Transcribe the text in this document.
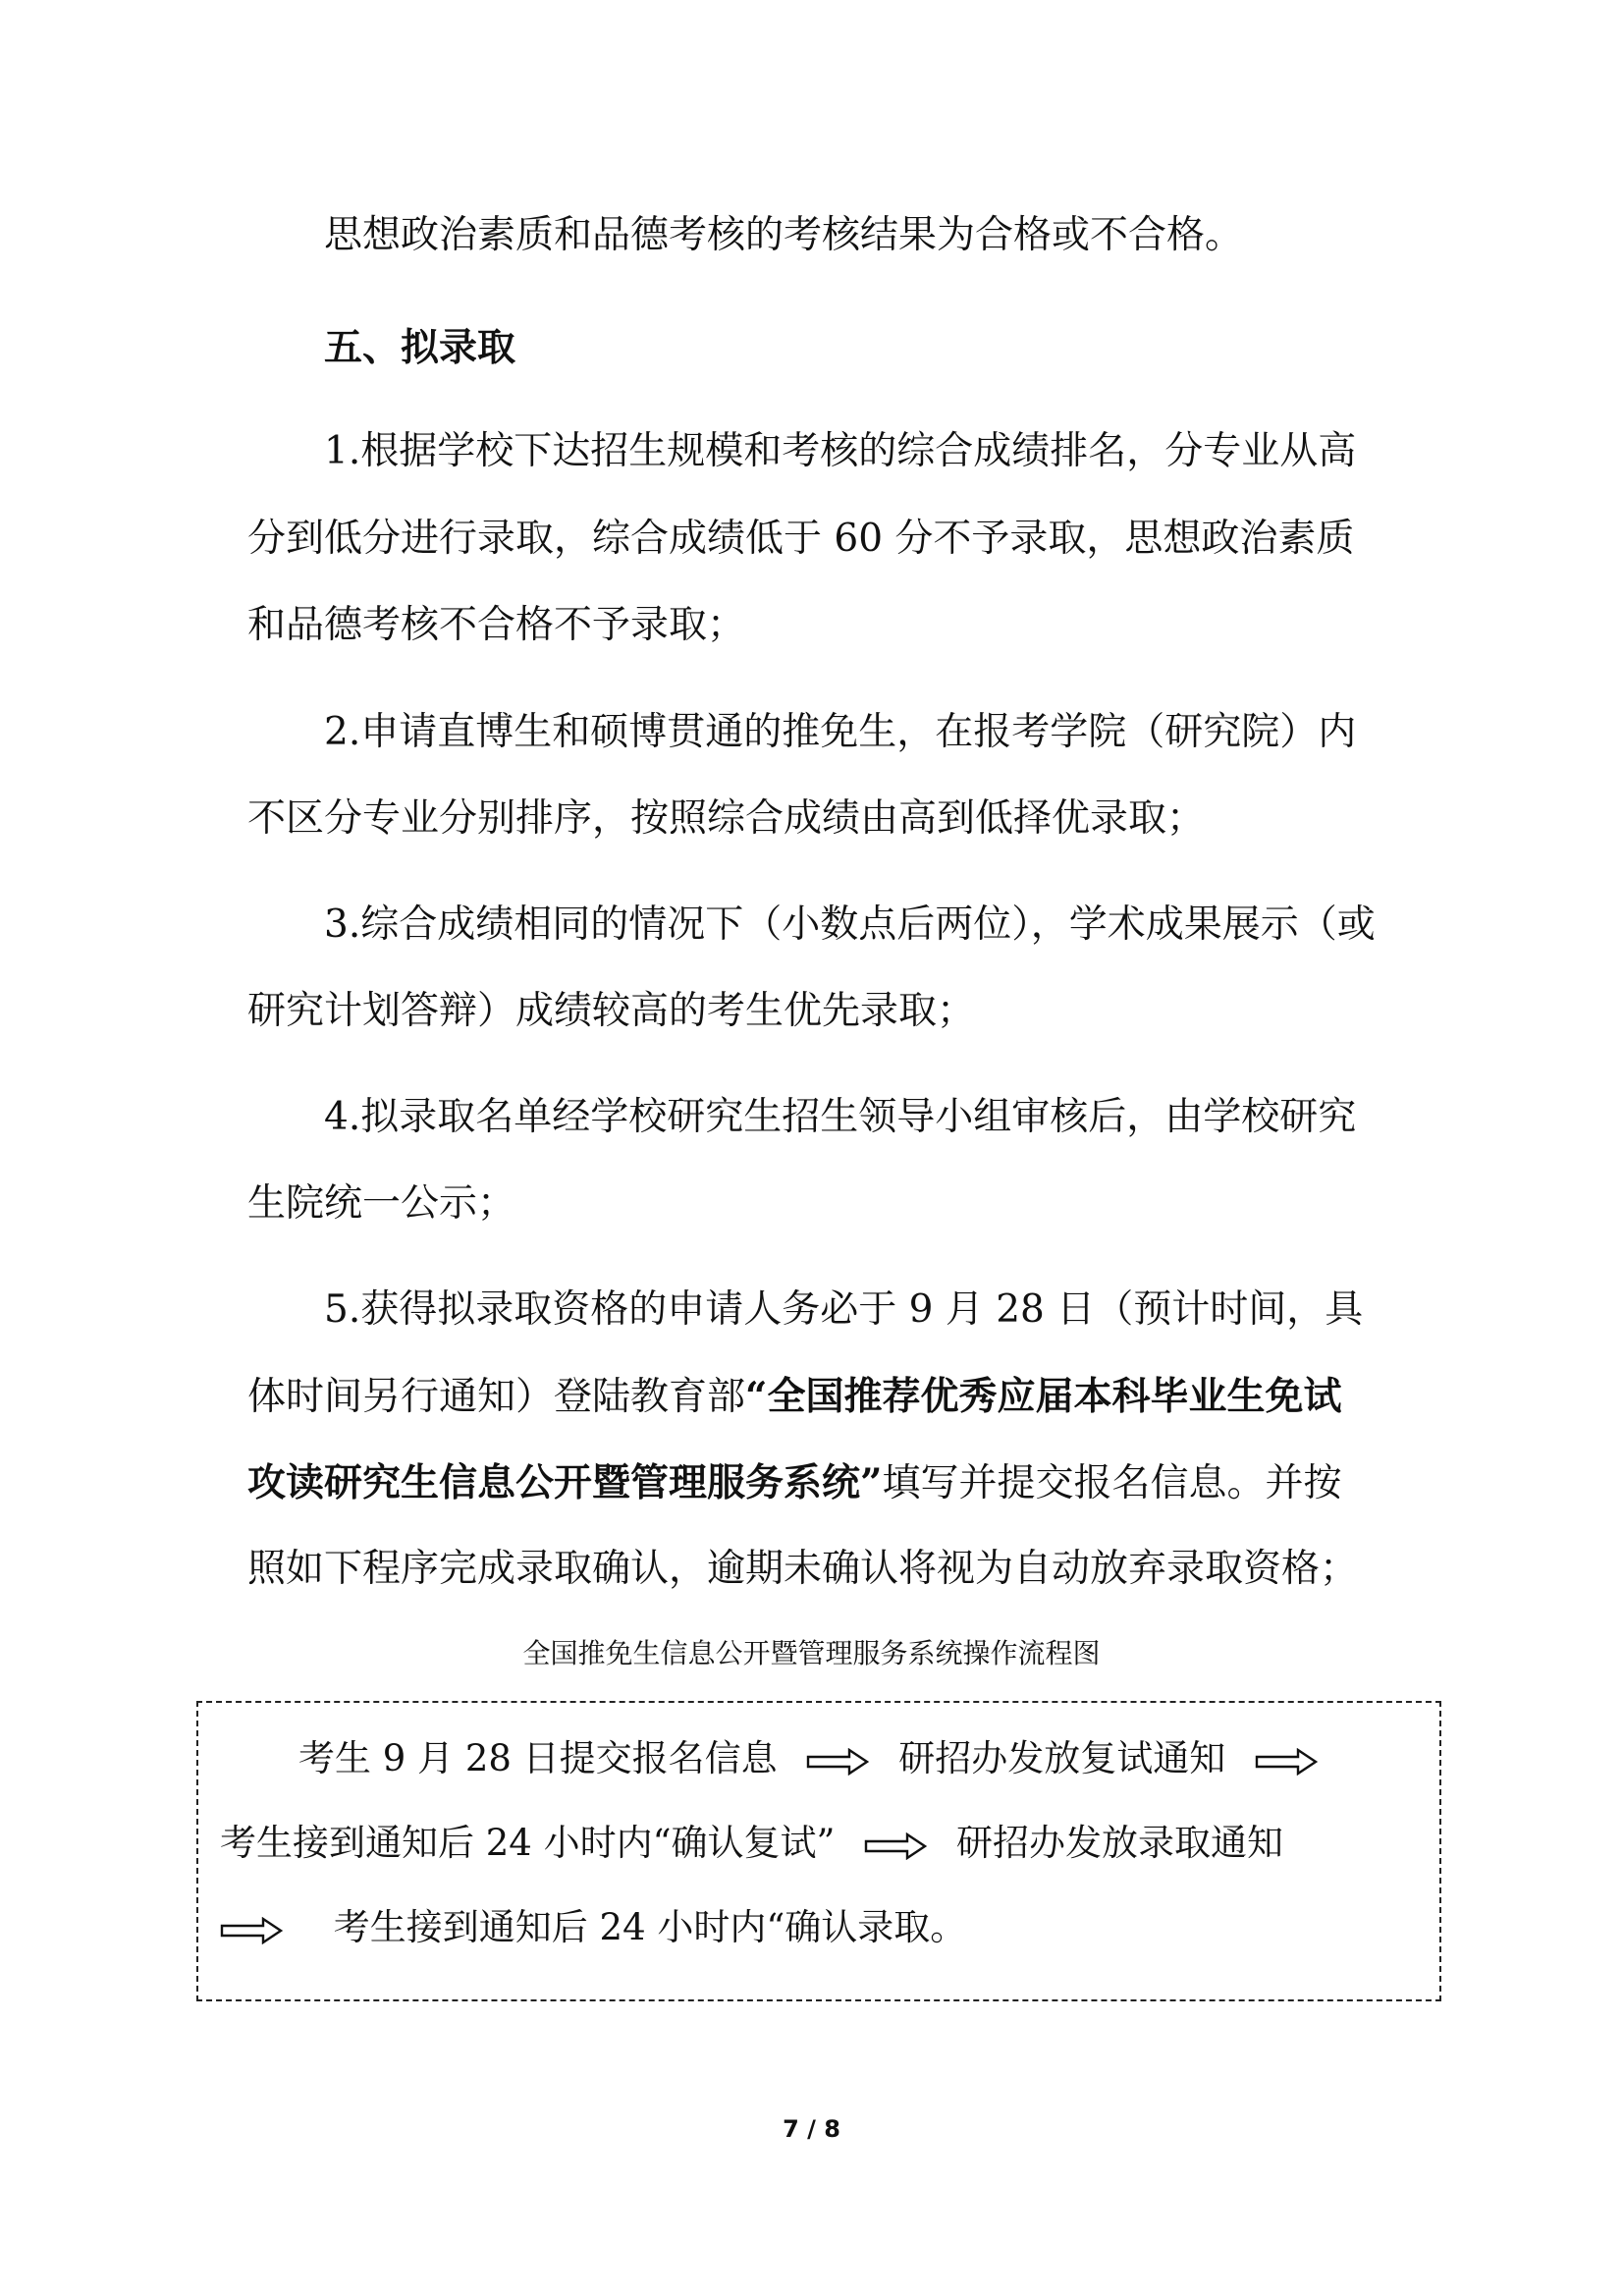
思想政治素质和品德考核的考核结果为合格或不合格。
五、拟录取
1.根据学校下达招生规模和考核的综合成绩排名，分专业从高
分到低分进行录取，综合成绩低于 60 分不予录取，思想政治素质
和品德考核不合格不予录取；
2.申请直博生和硕博贯通的推免生，在报考学院（研究院）内
不区分专业分别排序，按照综合成绩由高到低择优录取；
3.综合成绩相同的情况下（小数点后两位），学术成果展示（或
研究计划答辩）成绩较高的考生优先录取；
4.拟录取名单经学校研究生招生领导小组审核后，由学校研究
生院统一公示；
5.获得拟录取资格的申请人务必于 9 月 28 日（预计时间，具
体时间另行通知）登陆教育部“全国推荐优秀应届本科毕业生免试
攻读研究生信息公开暨管理服务系统”填写并提交报名信息。并按
照如下程序完成录取确认，逾期未确认将视为自动放弃录取资格；
全国推免生信息公开暨管理服务系统操作流程图
考生 9 月 28 日提交报名信息	研招办发放复试通知
考生接到通知后 24 小时内“确认复试”	研招办发放录取通知
考生接到通知后 24 小时内“确认录取。
7 / 8
